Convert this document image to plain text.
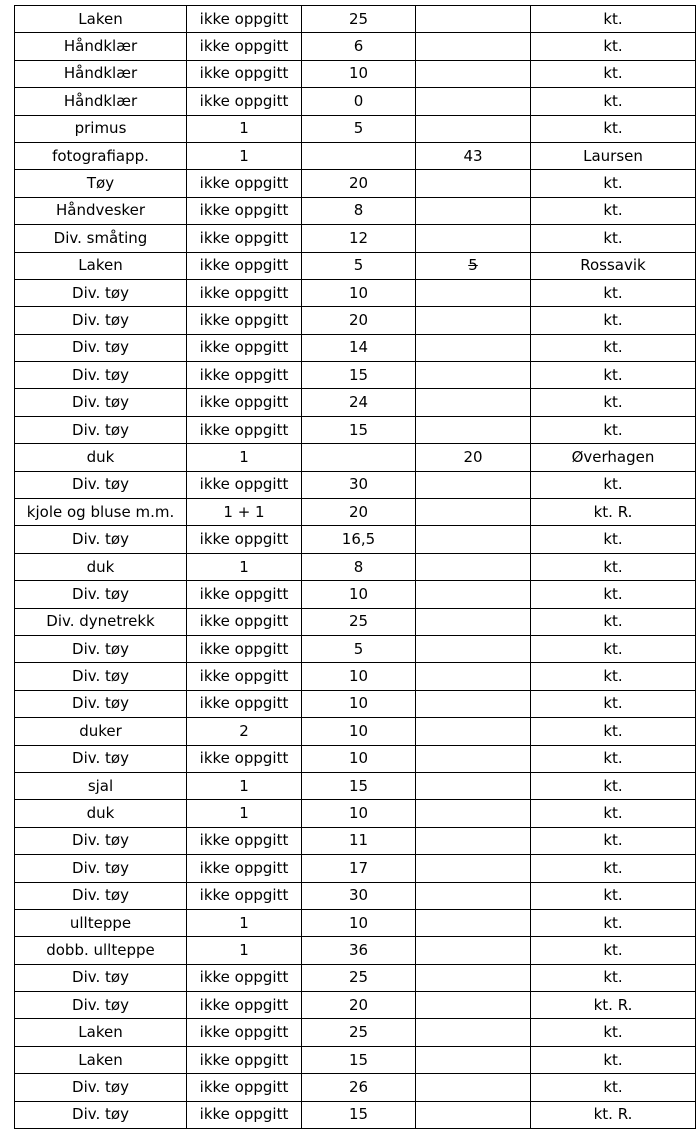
Laken	ikke oppgitt	25		kt.
Håndklær	ikke oppgitt	6		kt.
Håndklær	ikke oppgitt	10		kt.
Håndklær	ikke oppgitt	0		kt.
primus	1	5		kt.
fotografiapp.	1		43	Laursen
Tøy	ikke oppgitt	20		kt.
Håndvesker	ikke oppgitt	8		kt.
Div. småting	ikke oppgitt	12		kt.
Laken	ikke oppgitt	5	5	Rossavik
Div. tøy	ikke oppgitt	10		kt.
Div. tøy	ikke oppgitt	20		kt.
Div. tøy	ikke oppgitt	14		kt.
Div. tøy	ikke oppgitt	15		kt.
Div. tøy	ikke oppgitt	24		kt.
Div. tøy	ikke oppgitt	15		kt.
duk	1		20	Øverhagen
Div. tøy	ikke oppgitt	30		kt.
kjole og bluse m.m.	1 + 1	20		kt. R.
Div. tøy	ikke oppgitt	16,5		kt.
duk	1	8		kt.
Div. tøy	ikke oppgitt	10		kt.
Div. dynetrekk	ikke oppgitt	25		kt.
Div. tøy	ikke oppgitt	5		kt.
Div. tøy	ikke oppgitt	10		kt.
Div. tøy	ikke oppgitt	10		kt.
duker	2	10		kt.
Div. tøy	ikke oppgitt	10		kt.
sjal	1	15		kt.
duk	1	10		kt.
Div. tøy	ikke oppgitt	11		kt.
Div. tøy	ikke oppgitt	17		kt.
Div. tøy	ikke oppgitt	30		kt.
ullteppe	1	10		kt.
dobb. ullteppe	1	36		kt.
Div. tøy	ikke oppgitt	25		kt.
Div. tøy	ikke oppgitt	20		kt. R.
Laken	ikke oppgitt	25		kt.
Laken	ikke oppgitt	15		kt.
Div. tøy	ikke oppgitt	26		kt.
Div. tøy	ikke oppgitt	15		kt. R.
